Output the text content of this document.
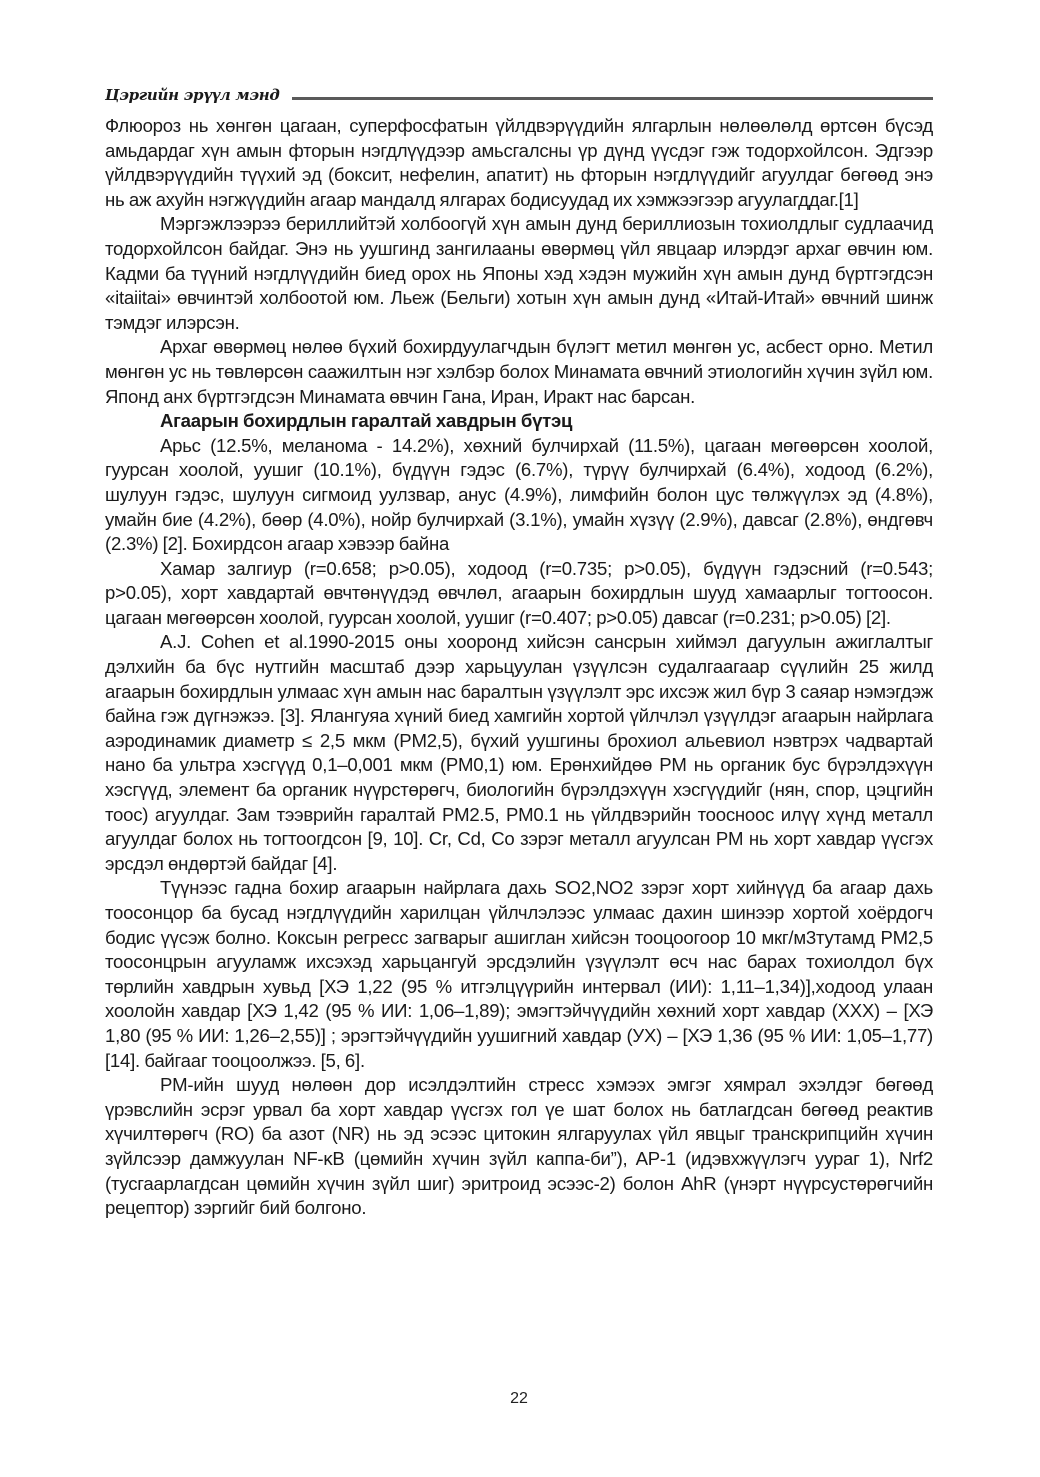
Цэргийн эрүүл мэнд

Флюороз нь хөнгөн цагаан, суперфосфатын үйлдвэрүүдийн ялгарлын нөлөөлөлд өртсөн бүсэд амьдардаг хүн амын фторын нэгдлүүдээр амьсгалсны үр дүнд үүсдэг гэж тодорхойлсон. Эдгээр үйлдвэрүүдийн түүхий эд (боксит, нефелин, апатит) нь фторын нэгдлүүдийг агуулдаг бөгөөд энэ нь аж ахуйн нэгжүүдийн агаар мандалд ялгарах бодисуудад их хэмжээгээр агуулагддаг.[1]

Мэргэжлээрээ бериллийтэй холбоогүй хүн амын дунд бериллиозын тохиолдлыг судлаачид тодорхойлсон байдаг. Энэ нь уушгинд зангилааны өвөрмөц үйл явцаар илэрдэг архаг өвчин юм. Кадми ба түүний нэгдлүүдийн биед орох нь Японы хэд хэдэн мужийн хүн амын дунд бүртгэгдсэн «itaiitai» өвчинтэй холбоотой юм. Льеж (Бельги) хотын хүн амын дунд «Итай-Итай» өвчний шинж тэмдэг илэрсэн.

Архаг өвөрмөц нөлөө бүхий бохирдуулагчдын бүлэгт метил мөнгөн ус, асбест орно. Метил мөнгөн ус нь төвлөрсөн саажилтын нэг хэлбэр болох Минамата өвчний этиологийн хүчин зүйл юм. Японд анх бүртгэгдсэн Минамата өвчин Гана, Иран, Иракт нас барсан.

Агаарын бохирдлын гаралтай хавдрын бүтэц

Арьс (12.5%, меланома - 14.2%), хөхний булчирхай (11.5%), цагаан мөгөөрсөн хоолой, гуурсан хоолой, уушиг (10.1%), бүдүүн гэдэс (6.7%), түрүү булчирхай (6.4%), ходоод (6.2%), шулуун гэдэс, шулуун сигмоид уулзвар, анус (4.9%), лимфийн болон цус төлжүүлэх эд (4.8%), умайн бие (4.2%), бөөр (4.0%), нойр булчирхай (3.1%), умайн хүзүү (2.9%), давсаг (2.8%), өндгөвч (2.3%) [2]. Бохирдсон агаар хэвээр байна

Хамар залгиур (r=0.658; p>0.05), ходоод (r=0.735; p>0.05), бүдүүн гэдэсний (r=0.543; p>0.05), хорт хавдартай өвчтөнүүдэд өвчлөл, агаарын бохирдлын шууд хамаарлыг тогтоосон. цагаан мөгөөрсөн хоолой, гуурсан хоолой, уушиг (r=0.407; p>0.05) давсаг (r=0.231; p>0.05) [2].

A.J. Cohen et al.1990-2015 оны хооронд хийсэн сансрын хиймэл дагуулын ажиглалтыг дэлхийн ба бүс нутгийн масштаб дээр харьцуулан үзүүлсэн судалгаагаар сүүлийн 25 жилд агаарын бохирдлын улмаас хүн амын нас баралтын үзүүлэлт эрс ихсэж жил бүр 3 саяар нэмэгдэж байна гэж дүгнэжээ. [3]. Ялангуяа хүний биед хамгийн хортой үйлчлэл үзүүлдэг агаарын найрлага аэродинамик диаметр ≤ 2,5 мкм (PM2,5), бүхий уушгины брохиол альевиол нэвтрэх чадвартай нано ба ультра хэсгүүд 0,1–0,001 мкм (PM0,1) юм. Ерөнхийдөө PM нь органик бус бүрэлдэхүүн хэсгүүд, элемент ба органик нүүрстөрөгч, биологийн бүрэлдэхүүн хэсгүүдийг (нян, спор, цэцгийн тоос) агуулдаг. Зам тээврийн гаралтай PM2.5, PM0.1 нь үйлдвэрийн тоосноос илүү хүнд металл агуулдаг болох нь тогтоогдсон [9, 10]. Cr, Cd, Co зэрэг металл агуулсан PM нь хорт хавдар үүсгэх эрсдэл өндөртэй байдаг [4].

Түүнээс гадна бохир агаарын найрлага дахь SO2,NO2 зэрэг хорт хийнүүд ба агаар дахь тоосонцор ба бусад нэгдлүүдийн харилцан үйлчлэлээс улмаас дахин шинээр хортой хоёрдогч бодис үүсэж болно. Коксын регресс загварыг ашиглан хийсэн тооцоогоор 10 мкг/м3тутамд PM2,5 тоосонцрын агууламж ихсэхэд харьцангуй эрсдэлийн үзүүлэлт өсч нас барах тохиолдол бүх төрлийн хавдрын хувьд [ХЭ 1,22 (95 % итгэлцүүрийн интервал (ИИ): 1,11–1,34)],ходоод улаан хоолойн хавдар [ХЭ 1,42 (95 % ИИ: 1,06–1,89); эмэгтэйчүүдийн хөхний хорт хавдар (ХХХ) – [ХЭ 1,80 (95 % ИИ: 1,26–2,55)] ; эрэгтэйчүүдийн уушигний хавдар (УХ) – [ХЭ 1,36 (95 % ИИ: 1,05–1,77) [14]. байгааг тооцоолжээ. [5, 6].

PM-ийн шууд нөлөөн дор исэлдэлтийн стресс хэмээх эмгэг хямрал эхэлдэг бөгөөд үрэвслийн эсрэг урвал ба хорт хавдар үүсгэх гол үе шат болох нь батлагдсан бөгөөд реактив хүчилтөрөгч (RO) ба азот (NR) нь эд эсээс цитокин ялгаруулах үйл явцыг транскрипцийн хүчин зүйлсээр дамжуулан NF-κB (цөмийн хүчин зүйл каппа-би”), AP-1 (идэвхжүүлэгч уураг 1), Nrf2 (тусгаарлагдсан цөмийн хүчин зүйл шиг) эритроид эсээс-2) болон AhR (үнэрт нүүрсустөрөгчийн рецептор) зэргийг бий болгоно.

22
